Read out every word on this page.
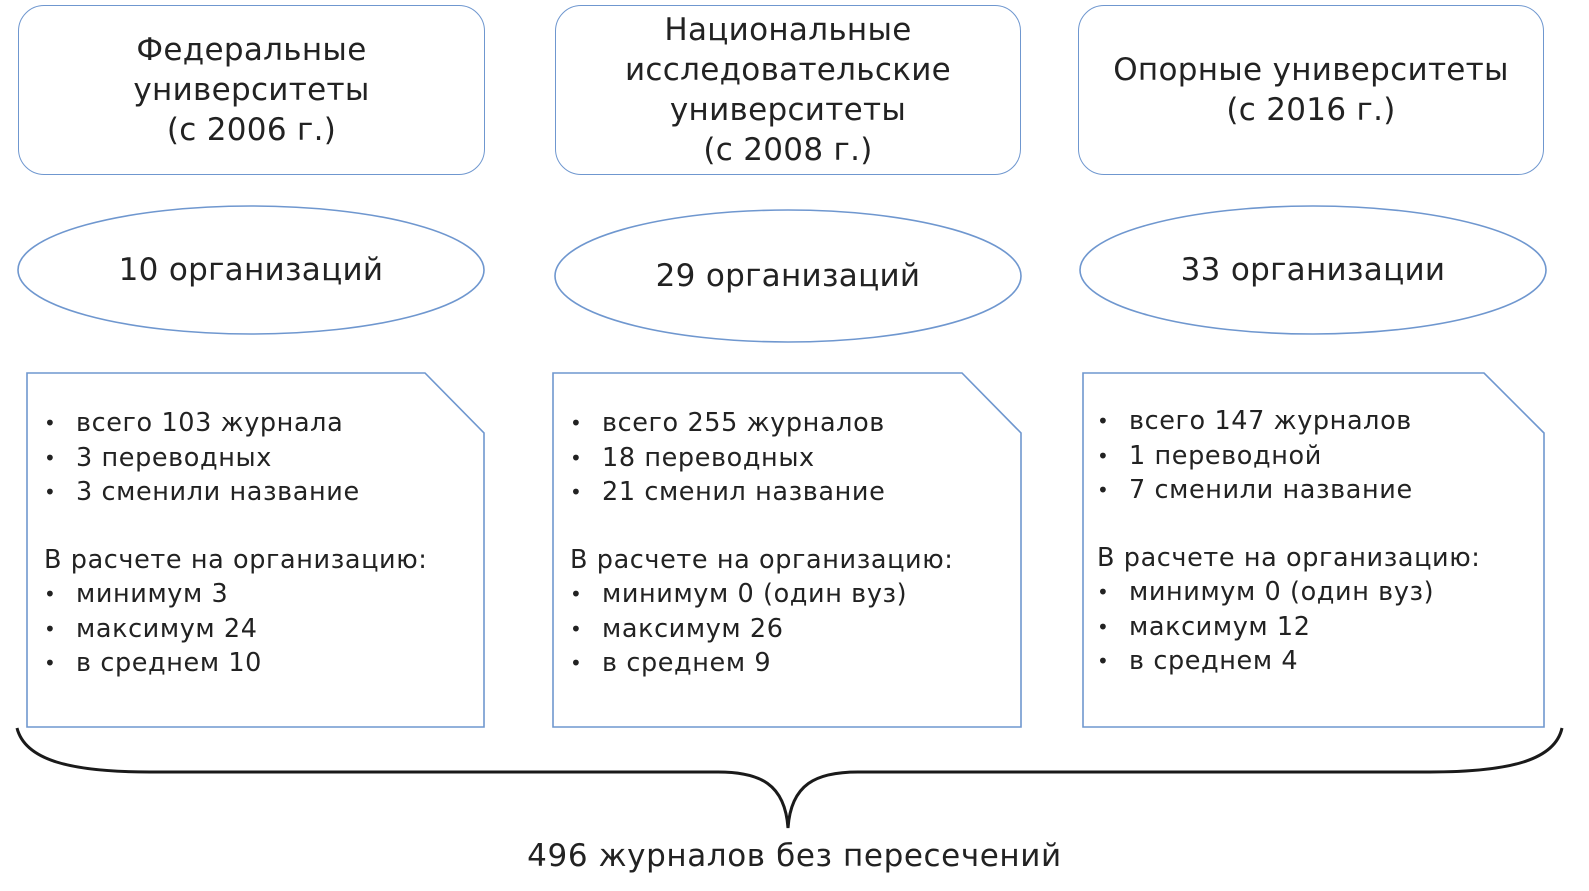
Федеральные
университеты
(с 2006 г.)
Национальные
исследовательские
университеты
(с 2008 г.)
Опорные университеты
(с 2016 г.)
10 организаций	29 организаций	33 организации
• всего 103 журнала
• 3 переводных
• 3 сменили название
В расчете на организацию:
• минимум 3
• максимум 24
• в среднем 10
• всего 255 журналов
• 18 переводных
• 21 сменил название
В расчете на организацию:
• минимум 0 (один вуз)
• максимум 26
• в среднем 9
• всего 147 журналов
• 1 переводной
• 7 сменили название
В расчете на организацию:
• минимум 0 (один вуз)
• максимум 12
• в среднем 4
496 журналов без пересечений
